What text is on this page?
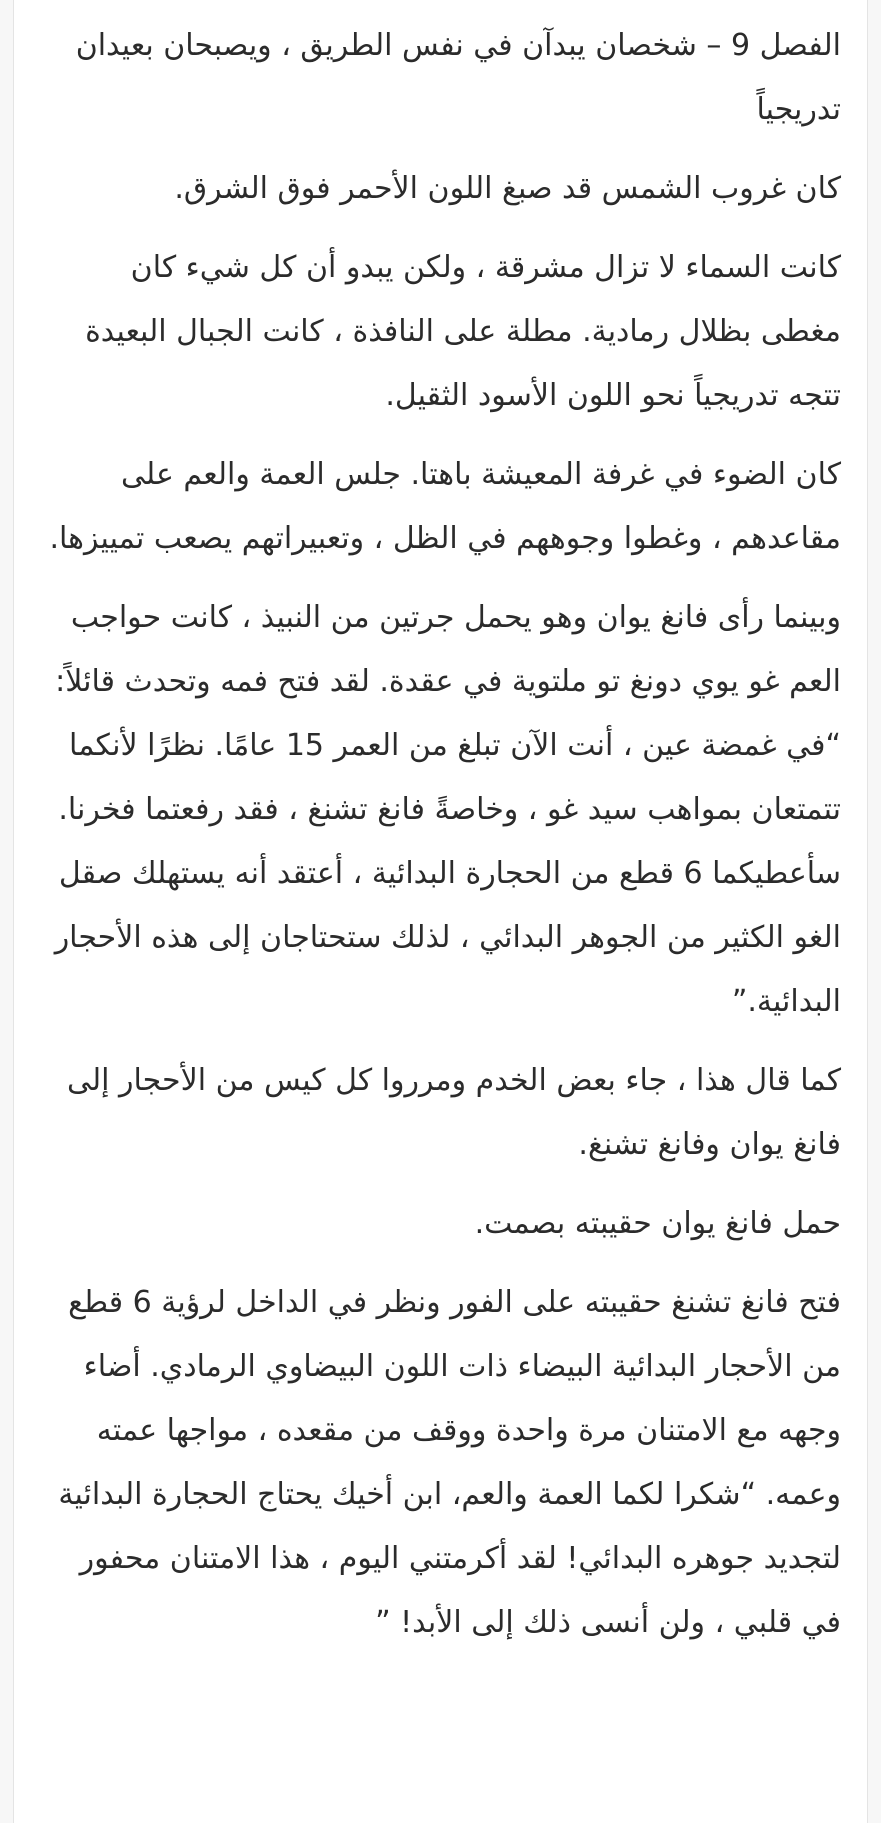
الفصل 9 – شخصان يبدآن في نفس الطريق ، ويصبحان بعيدان تدريجياً

كان غروب الشمس قد صبغ اللون الأحمر فوق الشرق.

كانت السماء لا تزال مشرقة ، ولكن يبدو أن كل شيء كان مغطى بظلال رمادية. مطلة على النافذة ، كانت الجبال البعيدة تتجه تدريجياً نحو اللون الأسود الثقيل.

كان الضوء في غرفة المعيشة باهتا. جلس العمة والعم على مقاعدهم ، وغطوا وجوههم في الظل ، وتعبيراتهم يصعب تمييزها.

وبينما رأى فانغ يوان وهو يحمل جرتين من النبيذ ، كانت حواجب العم غو يوي دونغ تو ملتوية في عقدة. لقد فتح فمه وتحدث قائلاً: “في غمضة عين ، أنت الآن تبلغ من العمر 15 عامًا. نظرًا لأنكما تتمتعان بمواهب سيد غو ، وخاصةً فانغ تشنغ ، فقد رفعتما فخرنا. سأعطيكما 6 قطع من الحجارة البدائية ، أعتقد أنه يستهلك صقل الغو الكثير من الجوهر البدائي ، لذلك ستحتاجان إلى هذه الأحجار البدائية.”

كما قال هذا ، جاء بعض الخدم ومرروا كل كيس من الأحجار إلى فانغ يوان وفانغ تشنغ.

حمل فانغ يوان حقيبته بصمت.

فتح فانغ تشنغ حقيبته على الفور ونظر في الداخل لرؤية 6 قطع من الأحجار البدائية البيضاء ذات اللون البيضاوي الرمادي. أضاء وجهه مع الامتنان مرة واحدة ووقف من مقعده ، مواجها عمته وعمه. “شكرا لكما العمة والعم، ابن أخيك يحتاج الحجارة البدائية لتجديد جوهره البدائي! لقد أكرمتني اليوم ، هذا الامتنان محفور في قلبي ، ولن أنسى ذلك إلى الأبد! ”
